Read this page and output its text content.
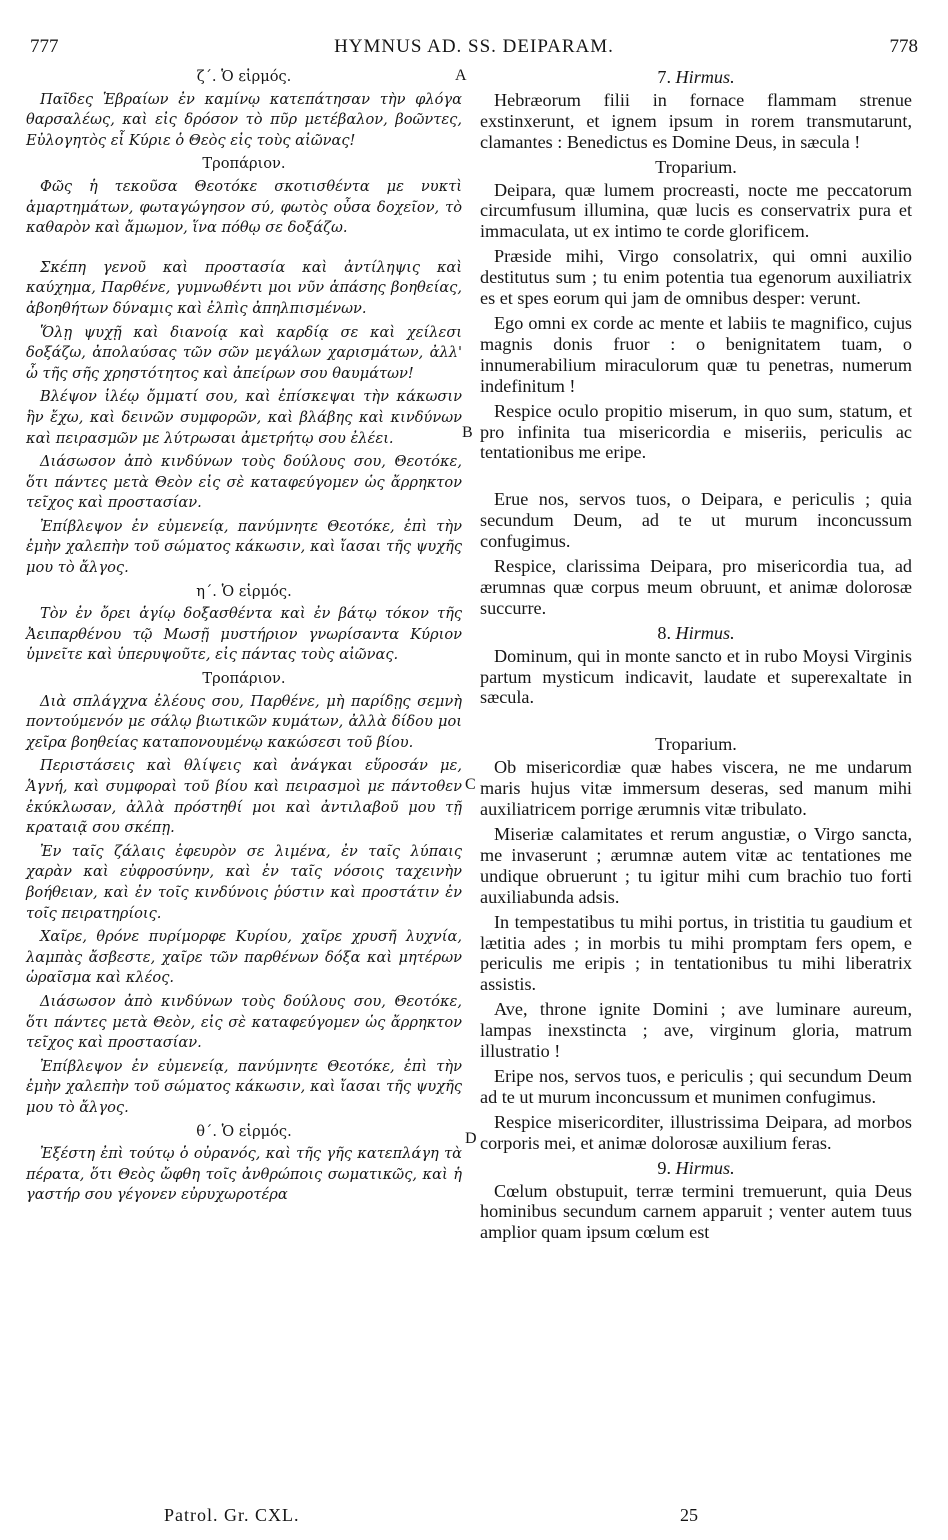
777	HYMNUS AD. SS. DEIPARAM.	778
ζ΄. Ὁ εἱρμός.

Παῖδες Ἑβραίων ἐν καμίνῳ κατεπάτησαν τὴν φλόγα θαρσαλέως, καὶ εἰς δρόσον τὸ πῦρ μετέβαλον, βοῶντες, Εὐλογητὸς εἶ Κύριε ὁ Θεὸς εἰς τοὺς αἰῶνας!

Τροπάριον.

Φῶς ἡ τεκοῦσα Θεοτόκε σκοτισθέντα με νυκτὶ ἁμαρτημάτων, φωταγώγησον σύ, φωτὸς οὖσα δοχεῖον, τὸ καθαρὸν καὶ ἄμωμον, ἵνα πόθῳ σε δοξάζω.

Σκέπη γενοῦ καὶ προστασία καὶ ἀντίληψις καὶ καύχημα, Παρθένε, γυμνωθέντι μοι νῦν ἁπάσης βοηθείας, ἀβοηθήτων δύναμις καὶ ἐλπὶς ἀπηλπισμένων.

Ὅλῃ ψυχῇ καὶ διανοίᾳ καὶ καρδίᾳ σε καὶ χείλεσι δοξάζω, ἀπολαύσας τῶν σῶν μεγάλων χαρισμάτων, ἀλλ' ὦ τῆς σῆς χρηστότητος καὶ ἀπείρων σου θαυμάτων!

Βλέψον ἱλέῳ ὄμματί σου, καὶ ἐπίσκεψαι τὴν κάκωσιν ἣν ἔχω, καὶ δεινῶν συμφορῶν, καὶ βλάβης καὶ κινδύνων καὶ πειρασμῶν με λύτρωσαι ἀμετρήτῳ σου ἐλέει.

Διάσωσον ἀπὸ κινδύνων τοὺς δούλους σου, Θεοτόκε, ὅτι πάντες μετὰ Θεὸν εἰς σὲ καταφεύγομεν ὡς ἄρρηκτον τεῖχος καὶ προστασίαν.

Ἐπίβλεψον ἐν εὐμενείᾳ, πανύμνητε Θεοτόκε, ἐπὶ τὴν ἐμὴν χαλεπὴν τοῦ σώματος κάκωσιν, καὶ ἴασαι τῆς ψυχῆς μου τὸ ἄλγος.

η΄. Ὁ εἱρμός.

Τὸν ἐν ὄρει ἁγίῳ δοξασθέντα καὶ ἐν βάτῳ τόκον τῆς Ἀειπαρθένου τῷ Μωσῇ μυστήριον γνωρίσαντα Κύριον ὑμνεῖτε καὶ ὑπερυψοῦτε, εἰς πάντας τοὺς αἰῶνας.

Τροπάριον.

Διὰ σπλάγχνα ἐλέους σου, Παρθένε, μὴ παρίδῃς σεμνὴ ποντούμενόν με σάλῳ βιωτικῶν κυμάτων, ἀλλὰ δίδου μοι χεῖρα βοηθείας καταπονουμένῳ κακώσεσι τοῦ βίου.

Περιστάσεις καὶ θλίψεις καὶ ἀνάγκαι εὕροσάν με, Ἁγνή, καὶ συμφοραὶ τοῦ βίου καὶ πειρασμοὶ με πάντοθεν ἐκύκλωσαν, ἀλλὰ πρόστηθί μοι καὶ ἀντιλαβοῦ μου τῇ κραταιᾷ σου σκέπῃ.

Ἐν ταῖς ζάλαις ἐφευρὸν σε λιμένα, ἐν ταῖς λύπαις χαρὰν καὶ εὐφροσύνην, καὶ ἐν ταῖς νόσοις ταχεινὴν βοήθειαν, καὶ ἐν τοῖς κινδύνοις ῥύστιν καὶ προστάτιν ἐν τοῖς πειρατηρίοις.

Χαῖρε, θρόνε πυρίμορφε Κυρίου, χαῖρε χρυσῆ λυχνία, λαμπὰς ἄσβεστε, χαῖρε τῶν παρθένων δόξα καὶ μητέρων ὡραῖσμα καὶ κλέος.

Διάσωσον ἀπὸ κινδύνων τοὺς δούλους σου, Θεοτόκε, ὅτι πάντες μετὰ Θεὸν, εἰς σὲ καταφεύγομεν ὡς ἄρρηκτον τεῖχος καὶ προστασίαν.

Ἐπίβλεψον ἐν εὐμενείᾳ, πανύμνητε Θεοτόκε, ἐπὶ τὴν ἐμὴν χαλεπὴν τοῦ σώματος κάκωσιν, καὶ ἴασαι τῆς ψυχῆς μου τὸ ἄλγος.

θ΄. Ὁ εἱρμός.

Ἐξέστη ἐπὶ τούτῳ ὁ οὐρανός, καὶ τῆς γῆς κατεπλάγη τὰ πέρατα, ὅτι Θεὸς ὤφθη τοῖς ἀνθρώποις σωματικῶς, καὶ ἡ γαστήρ σου γέγονεν εὐρυχωροτέρα

A
B
C
D
7. Hirmus.

Hebræorum filii in fornace flammam strenue exstinxerunt, et ignem ipsum in rorem transmutarunt, clamantes : Benedictus es Domine Deus, in sæcula !

Troparium.

Deipara, quæ lumem procreasti, nocte me peccatorum circumfusum illumina, quæ lucis es conservatrix pura et immaculata, ut ex intimo te corde glorificem.

Præside mihi, Virgo consolatrix, qui omni auxilio destitutus sum ; tu enim potentia tua egenorum auxiliatrix es et spes eorum qui jam de omnibus desper: verunt.

Ego omni ex corde ac mente et labiis te magnifico, cujus magnis donis fruor : o benignitatem tuam, o innumerabilium miraculorum quæ tu penetras, numerum indefinitum !

Respice oculo propitio miserum, in quo sum, statum, et pro infinita tua misericordia e miseriis, periculis ac tentationibus me eripe.

Erue nos, servos tuos, o Deipara, e periculis ; quia secundum Deum, ad te ut murum inconcussum confugimus.

Respice, clarissima Deipara, pro misericordia tua, ad ærumnas quæ corpus meum obruunt, et animæ dolorosæ succurre.

8. Hirmus.

Dominum, qui in monte sancto et in rubo Moysi Virginis partum mysticum indicavit, laudate et superexaltate in sæcula.

Troparium.

Ob misericordiæ quæ habes viscera, ne me undarum maris hujus vitæ immersum deseras, sed manum mihi auxiliatricem porrige ærumnis vitæ tribulato.

Miseriæ calamitates et rerum angustiæ, o Virgo sancta, me invaserunt ; ærumnæ autem vitæ ac tentationes me undique obruerunt ; tu igitur mihi cum brachio tuo forti auxiliabunda adsis.

In tempestatibus tu mihi portus, in tristitia tu gaudium et lætitia ades ; in morbis tu mihi promptam fers opem, e periculis me eripis ; in tentationibus tu mihi liberatrix assistis.

Ave, throne ignite Domini ; ave luminare aureum, lampas inexstincta ; ave, virginum gloria, matrum illustratio !

Eripe nos, servos tuos, e periculis ; qui secundum Deum ad te ut murum inconcussum et munimen confugimus.

Respice misericorditer, illustrissima Deipara, ad morbos corporis mei, et animæ dolorosæ auxilium feras.

9. Hirmus.

Cœlum obstupuit, terræ termini tremuerunt, quia Deus hominibus secundum carnem apparuit ; venter autem tuus amplior quam ipsum cœlum est

Patrol. Gr. CXL.	25
